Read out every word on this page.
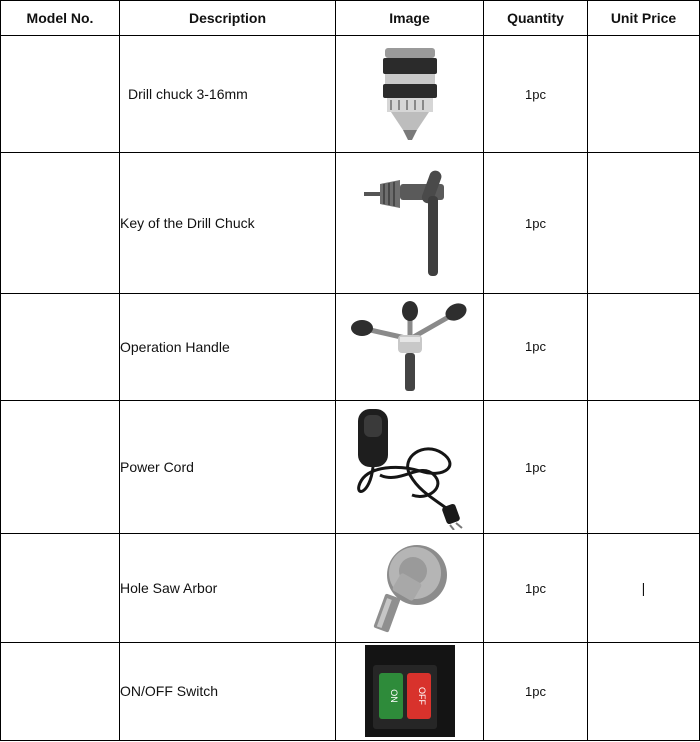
Model No.	Description	Image	Quantity	Unit Price
	Drill chuck 3-16mm		1pc	
	Key of the Drill Chuck		1pc	
	Operation Handle		1pc	
	Power Cord		1pc	
	Hole Saw Arbor		1pc	|
	ON/OFF Switch	ON OFF	1pc	
